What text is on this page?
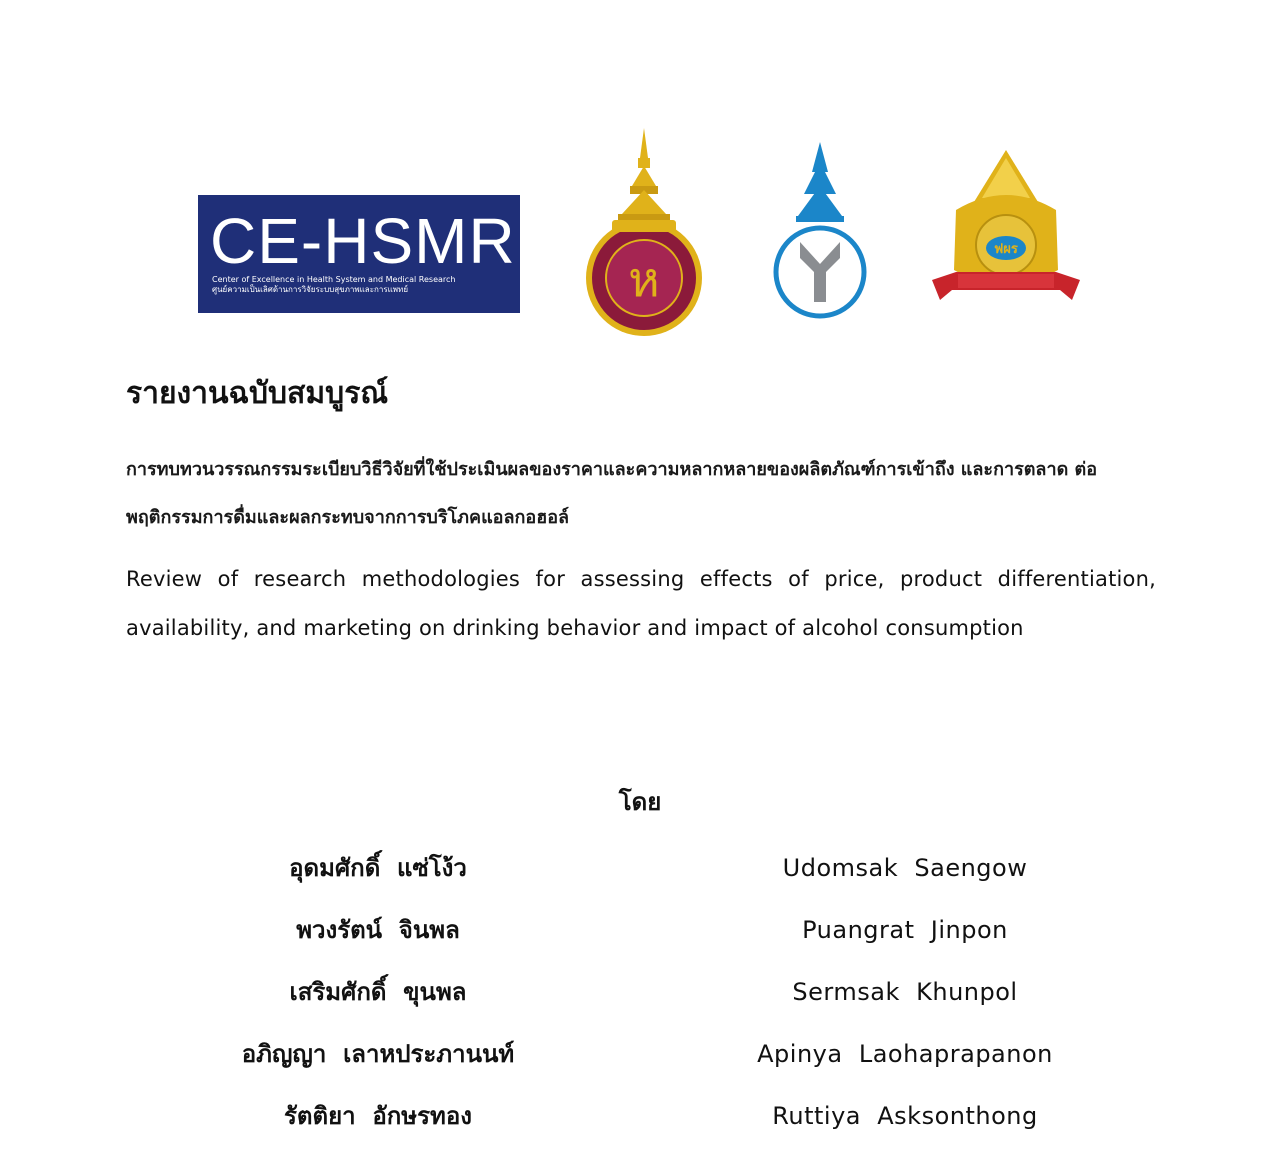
CE-HSMR
Center of Excellence in Health System and Medical Research
ศูนย์ความเป็นเลิศด้านการวิจัยระบบสุขภาพและการแพทย์	ห
ฟผร
รายงานฉบับสมบูรณ์

การทบทวนวรรณกรรมระเบียบวิธีวิจัยที่ใช้ประเมินผลของราคาและความหลากหลายของผลิตภัณฑ์การเข้าถึง และการตลาด ต่อพฤติกรรมการดื่มและผลกระทบจากการบริโภคแอลกอฮอล์

Review of research methodologies for assessing effects of price, product differentiation, availability, and marketing on drinking behavior and impact of alcohol consumption

โดย
อุดมศักดิ์  แซ่โง้ว	Udomsak  Saengow
พวงรัตน์  จินพล	Puangrat  Jinpon
เสริมศักดิ์  ขุนพล	Sermsak  Khunpol
อภิญญา  เลาหประภานนท์	Apinya  Laohaprapanon
รัตติยา  อักษรทอง	Ruttiya  Asksonthong
